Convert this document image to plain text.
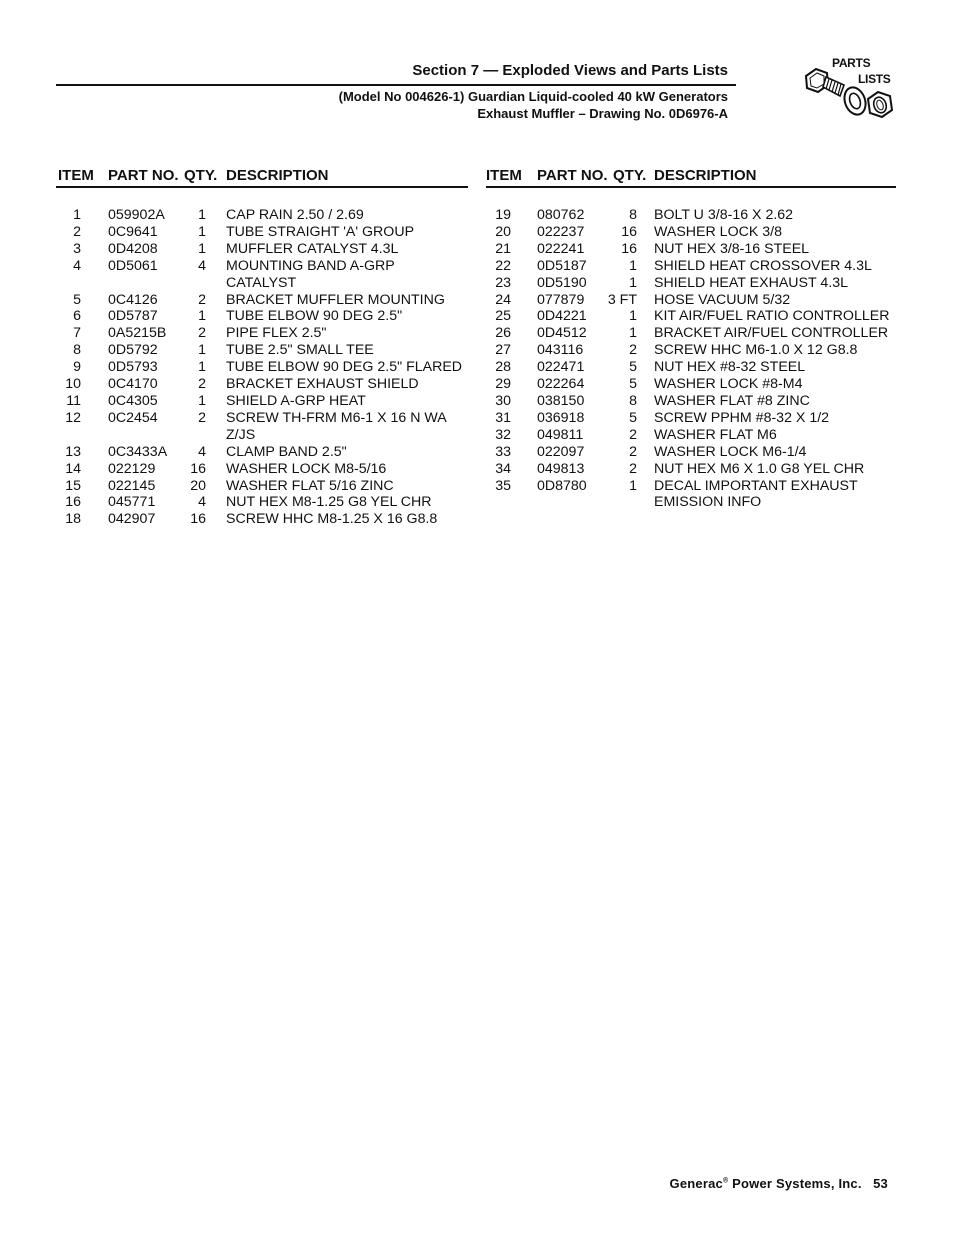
Section 7 — Exploded Views and Parts Lists
(Model No 004626-1) Guardian Liquid-cooled 40 kW Generators
Exhaust Muffler – Drawing No. 0D6976-A
PARTS
LISTS
ITEM PART NO. QTY. DESCRIPTION
1 059902A	1 CAP RAIN 2.50 / 2.69
2 0C9641	1 TUBE STRAIGHT 'A' GROUP
3 0D4208	1 MUFFLER CATALYST 4.3L
4 0D5061	4 MOUNTING BAND A-GRP CATALYST
5 0C4126	2 BRACKET MUFFLER MOUNTING
6 0D5787	1 TUBE ELBOW 90 DEG 2.5"
7 0A5215B	2 PIPE FLEX 2.5"
8 0D5792	1 TUBE 2.5" SMALL TEE
9 0D5793	1 TUBE ELBOW 90 DEG 2.5" FLARED
10 0C4170	2 BRACKET EXHAUST SHIELD
11 0C4305	1 SHIELD A-GRP HEAT
12 0C2454	2 SCREW TH-FRM M6-1 X 16 N WA
Z/JS
13 0C3433A	4 CLAMP BAND 2.5"
14 022129	16 WASHER LOCK M8-5/16
15 022145	20 WASHER FLAT 5/16 ZINC
16 045771	4 NUT HEX M8-1.25 G8 YEL CHR
18 042907	16 SCREW HHC M8-1.25 X 16 G8.8
ITEM PART NO. QTY. DESCRIPTION
19 080762	8 BOLT U 3/8-16 X 2.62
20 022237	16 WASHER LOCK 3/8
21 022241	16 NUT HEX 3/8-16 STEEL
22 0D5187	1 SHIELD HEAT CROSSOVER 4.3L
23 0D5190	1 SHIELD HEAT EXHAUST 4.3L
24 077879	3 FT HOSE VACUUM 5/32
25 0D4221	1 KIT AIR/FUEL RATIO CONTROLLER
26 0D4512	1 BRACKET AIR/FUEL CONTROLLER
27 043116	2 SCREW HHC M6-1.0 X 12 G8.8
28 022471	5 NUT HEX #8-32 STEEL
29 022264	5 WASHER LOCK #8-M4
30 038150	8 WASHER FLAT #8 ZINC
31 036918	5 SCREW PPHM #8-32 X 1/2
32 049811	2 WASHER FLAT M6
33 022097	2 WASHER LOCK M6-1/4
34 049813	2 NUT HEX M6 X 1.0 G8 YEL CHR
35 0D8780	1 DECAL IMPORTANT EXHAUST
EMISSION INFO
Generac® Power Systems, Inc. 53
